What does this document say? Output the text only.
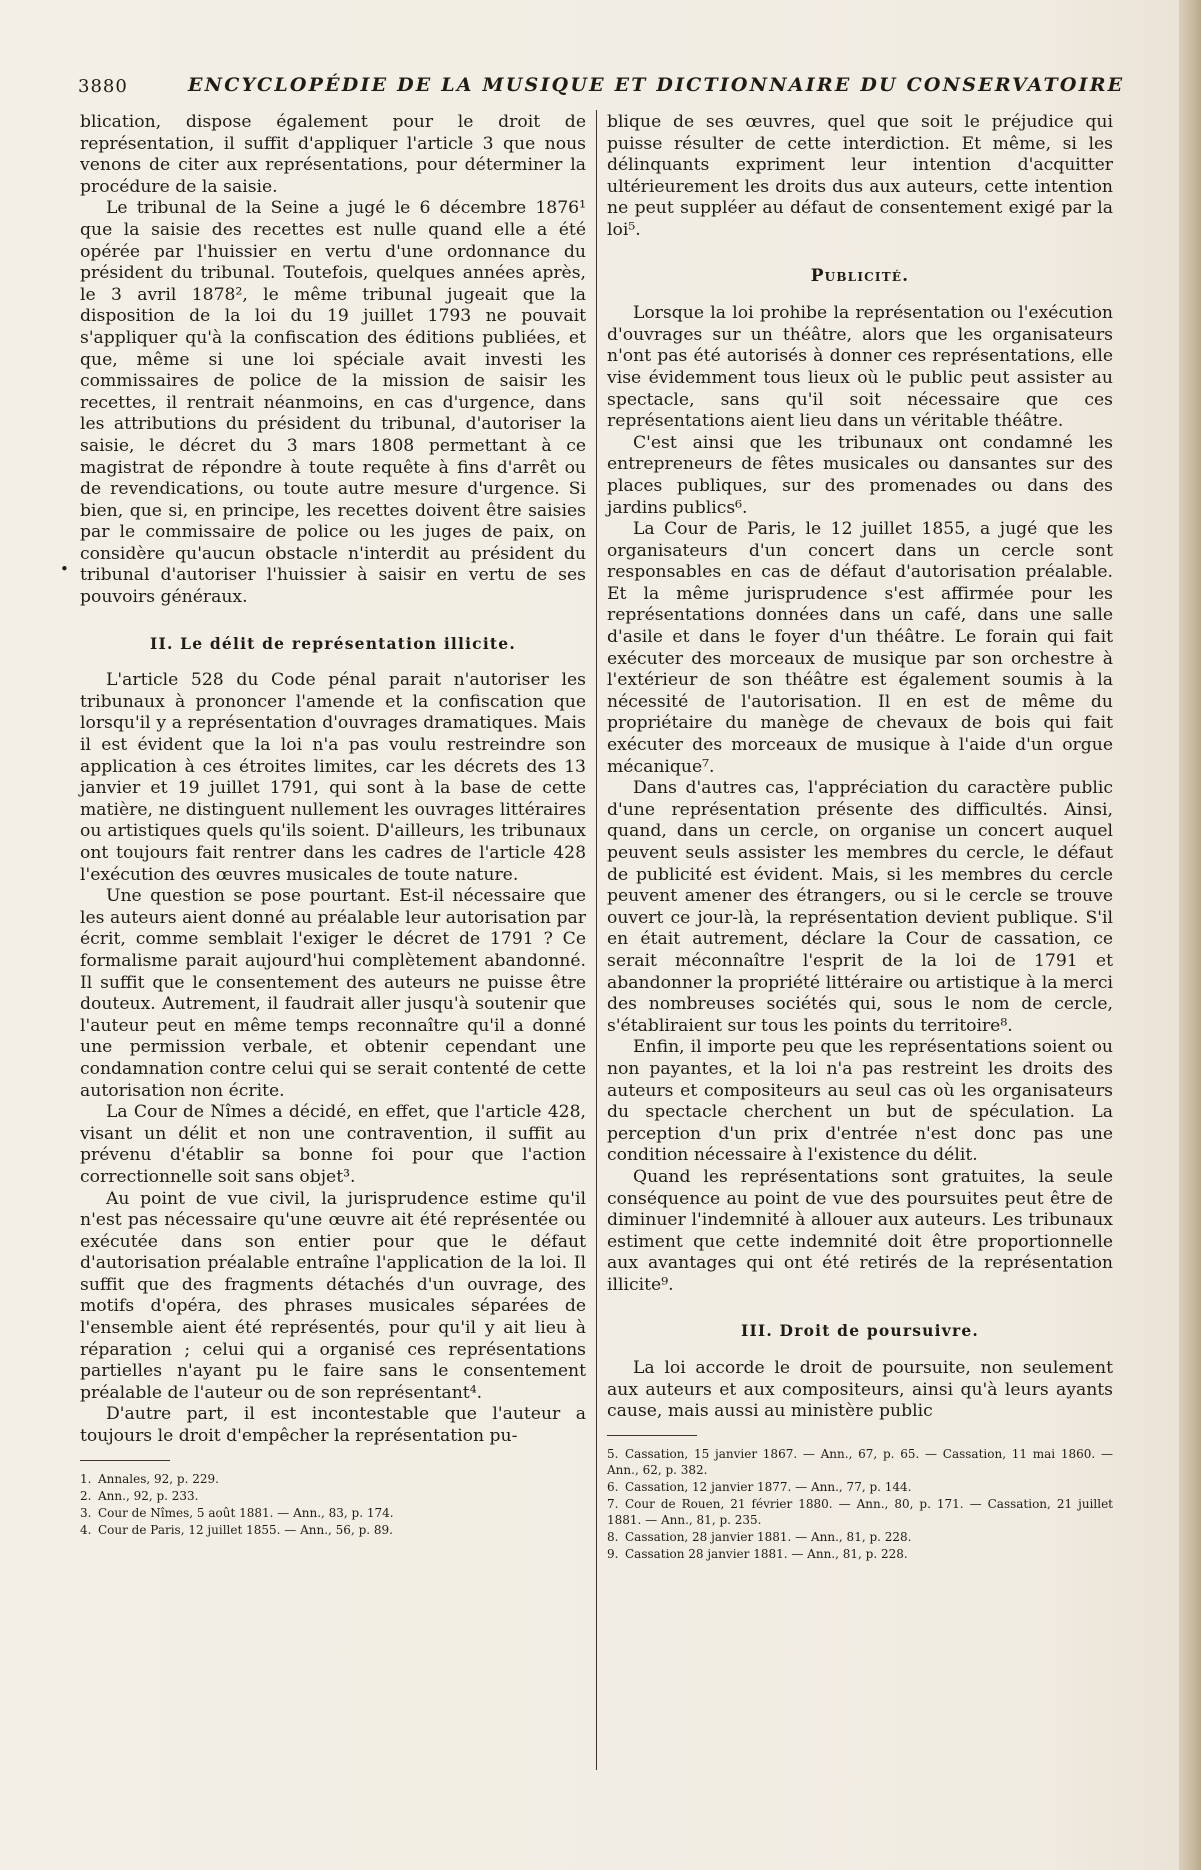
3880	ENCYCLOPÉDIE DE LA MUSIQUE ET DICTIONNAIRE DU CONSERVATOIRE
•

blication, dispose également pour le droit de représentation, il suffit d'appliquer l'article 3 que nous venons de citer aux représentations, pour déterminer la procédure de la saisie.

Le tribunal de la Seine a jugé le 6 décembre 1876¹ que la saisie des recettes est nulle quand elle a été opérée par l'huissier en vertu d'une ordonnance du président du tribunal. Toutefois, quelques années après, le 3 avril 1878², le même tribunal jugeait que la disposition de la loi du 19 juillet 1793 ne pouvait s'appliquer qu'à la confiscation des éditions publiées, et que, même si une loi spéciale avait investi les commissaires de police de la mission de saisir les recettes, il rentrait néanmoins, en cas d'urgence, dans les attributions du président du tribunal, d'autoriser la saisie, le décret du 3 mars 1808 permettant à ce magistrat de répondre à toute requête à fins d'arrêt ou de revendications, ou toute autre mesure d'urgence. Si bien, que si, en principe, les recettes doivent être saisies par le commissaire de police ou les juges de paix, on considère qu'aucun obstacle n'interdit au président du tribunal d'autoriser l'huissier à saisir en vertu de ses pouvoirs généraux.

II. Le délit de représentation illicite.

L'article 528 du Code pénal parait n'autoriser les tribunaux à prononcer l'amende et la confiscation que lorsqu'il y a représentation d'ouvrages dramatiques. Mais il est évident que la loi n'a pas voulu restreindre son application à ces étroites limites, car les décrets des 13 janvier et 19 juillet 1791, qui sont à la base de cette matière, ne distinguent nullement les ouvrages littéraires ou artistiques quels qu'ils soient. D'ailleurs, les tribunaux ont toujours fait rentrer dans les cadres de l'article 428 l'exécution des œuvres musicales de toute nature.

Une question se pose pourtant. Est-il nécessaire que les auteurs aient donné au préalable leur autorisation par écrit, comme semblait l'exiger le décret de 1791 ? Ce formalisme parait aujourd'hui complètement abandonné. Il suffit que le consentement des auteurs ne puisse être douteux. Autrement, il faudrait aller jusqu'à soutenir que l'auteur peut en même temps reconnaître qu'il a donné une permission verbale, et obtenir cependant une condamnation contre celui qui se serait contenté de cette autorisation non écrite.

La Cour de Nîmes a décidé, en effet, que l'article 428, visant un délit et non une contravention, il suffit au prévenu d'établir sa bonne foi pour que l'action correctionnelle soit sans objet³.

Au point de vue civil, la jurisprudence estime qu'il n'est pas nécessaire qu'une œuvre ait été représentée ou exécutée dans son entier pour que le défaut d'autorisation préalable entraîne l'application de la loi. Il suffit que des fragments détachés d'un ouvrage, des motifs d'opéra, des phrases musicales séparées de l'ensemble aient été représentés, pour qu'il y ait lieu à réparation ; celui qui a organisé ces représentations partielles n'ayant pu le faire sans le consentement préalable de l'auteur ou de son représentant⁴.

D'autre part, il est incontestable que l'auteur a toujours le droit d'empêcher la représentation pu-

1. Annales, 92, p. 229.

2. Ann., 92, p. 233.

3. Cour de Nîmes, 5 août 1881. — Ann., 83, p. 174.

4. Cour de Paris, 12 juillet 1855. — Ann., 56, p. 89.

blique de ses œuvres, quel que soit le préjudice qui puisse résulter de cette interdiction. Et même, si les délinquants expriment leur intention d'acquitter ultérieurement les droits dus aux auteurs, cette intention ne peut suppléer au défaut de consentement exigé par la loi⁵.

Publicité.

Lorsque la loi prohibe la représentation ou l'exécution d'ouvrages sur un théâtre, alors que les organisateurs n'ont pas été autorisés à donner ces représentations, elle vise évidemment tous lieux où le public peut assister au spectacle, sans qu'il soit nécessaire que ces représentations aient lieu dans un véritable théâtre.

C'est ainsi que les tribunaux ont condamné les entrepreneurs de fêtes musicales ou dansantes sur des places publiques, sur des promenades ou dans des jardins publics⁶.

La Cour de Paris, le 12 juillet 1855, a jugé que les organisateurs d'un concert dans un cercle sont responsables en cas de défaut d'autorisation préalable. Et la même jurisprudence s'est affirmée pour les représentations données dans un café, dans une salle d'asile et dans le foyer d'un théâtre. Le forain qui fait exécuter des morceaux de musique par son orchestre à l'extérieur de son théâtre est également soumis à la nécessité de l'autorisation. Il en est de même du propriétaire du manège de chevaux de bois qui fait exécuter des morceaux de musique à l'aide d'un orgue mécanique⁷.

Dans d'autres cas, l'appréciation du caractère public d'une représentation présente des difficultés. Ainsi, quand, dans un cercle, on organise un concert auquel peuvent seuls assister les membres du cercle, le défaut de publicité est évident. Mais, si les membres du cercle peuvent amener des étrangers, ou si le cercle se trouve ouvert ce jour-là, la représentation devient publique. S'il en était autrement, déclare la Cour de cassation, ce serait méconnaître l'esprit de la loi de 1791 et abandonner la propriété littéraire ou artistique à la merci des nombreuses sociétés qui, sous le nom de cercle, s'établiraient sur tous les points du territoire⁸.

Enfin, il importe peu que les représentations soient ou non payantes, et la loi n'a pas restreint les droits des auteurs et compositeurs au seul cas où les organisateurs du spectacle cherchent un but de spéculation. La perception d'un prix d'entrée n'est donc pas une condition nécessaire à l'existence du délit.

Quand les représentations sont gratuites, la seule conséquence au point de vue des poursuites peut être de diminuer l'indemnité à allouer aux auteurs. Les tribunaux estiment que cette indemnité doit être proportionnelle aux avantages qui ont été retirés de la représentation illicite⁹.

III. Droit de poursuivre.

La loi accorde le droit de poursuite, non seulement aux auteurs et aux compositeurs, ainsi qu'à leurs ayants cause, mais aussi au ministère public

5. Cassation, 15 janvier 1867. — Ann., 67, p. 65. — Cassation, 11 mai 1860. — Ann., 62, p. 382.

6. Cassation, 12 janvier 1877. — Ann., 77, p. 144.

7. Cour de Rouen, 21 février 1880. — Ann., 80, p. 171. — Cassation, 21 juillet 1881. — Ann., 81, p. 235.

8. Cassation, 28 janvier 1881. — Ann., 81, p. 228.

9. Cassation 28 janvier 1881. — Ann., 81, p. 228.
